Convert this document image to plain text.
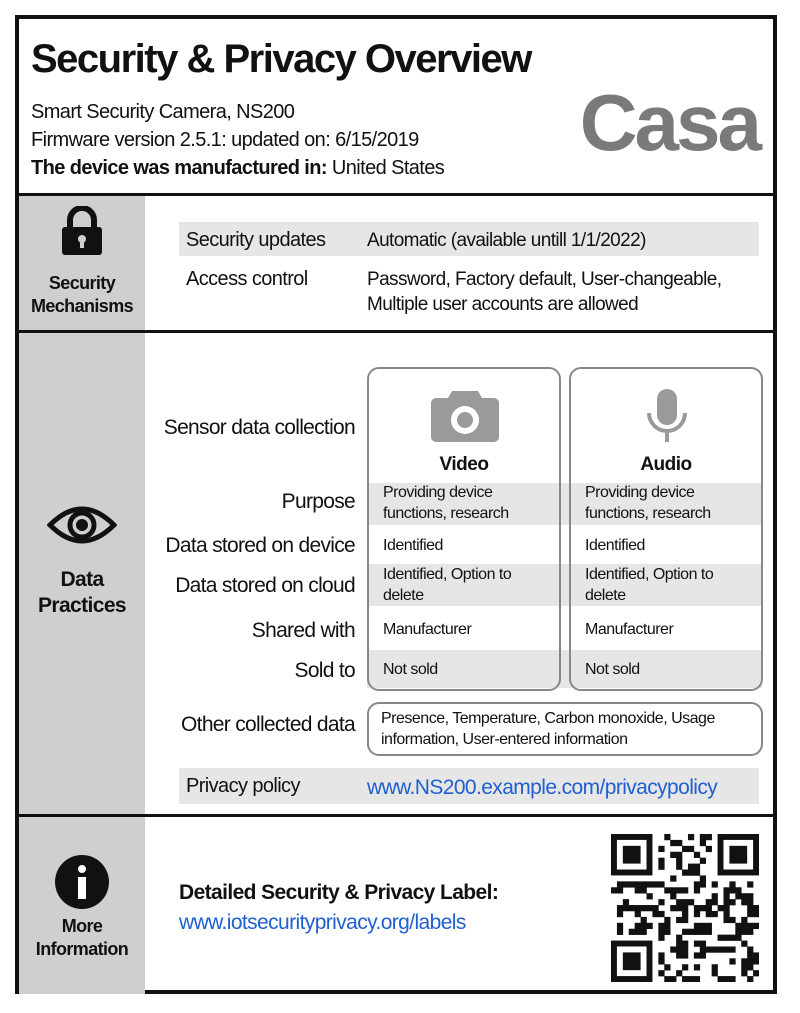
Security & Privacy Overview
Smart Security Camera, NS200
Firmware version 2.5.1: updated on: 6/15/2019
The device was manufactured in: United States
Casa
Security
Mechanisms
Security updates Automatic (available untill 1/1/2022)
Access control	Password, Factory default, User-changeable, Multiple user accounts are allowed
Data
Practices
Sensor data collection
Purpose
Data stored on device
Data stored on cloud
Shared with
Sold to
Other collected data
Video
Providing device functions, research
Identified
Identified, Option to delete
Manufacturer
Not sold
Audio
Providing device functions, research
Identified
Identified, Option to delete
Manufacturer
Not sold
Presence, Temperature, Carbon monoxide, Usage information, User-entered information
Privacy policy	www.NS200.example.com/privacypolicy
More
Information
Detailed Security & Privacy Label:
www.iotsecurityprivacy.org/labels
